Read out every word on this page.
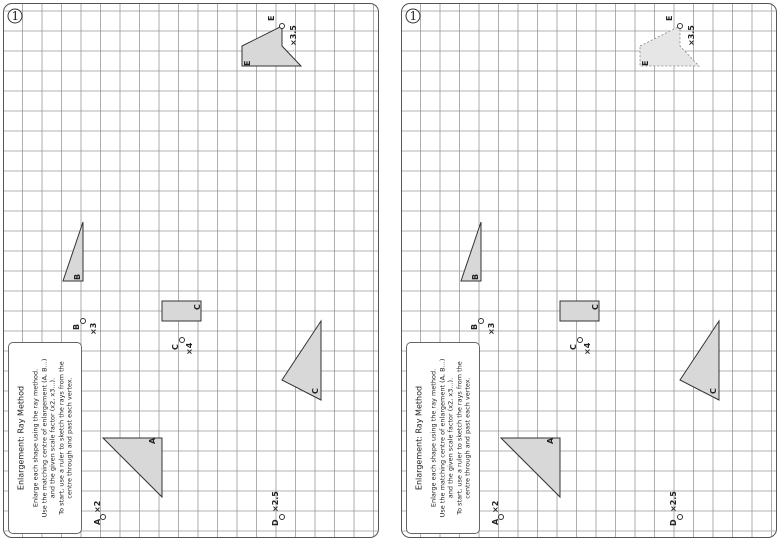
1
A
A
×2
B
B ×3
C
C ×4
C
D
×2.5
E
E
×3.5
Enlargement: Ray Method Enlarge each shape using the ray method. Use the matching centre of enlargement (A, B...) and the given scale factor (x2, x3...). To start, use a ruler to sketch the rays from the centre through and past each vertex.
1
A
A
×2
B
B ×3
C
C ×4
C
D
×2.5
E
E
×3.5
Enlargement: Ray Method Enlarge each shape using the ray method. Use the matching centre of enlargement (A, B...) and the given scale factor (x2, x3...). To start, use a ruler to sketch the rays from the centre through and past each vertex.
